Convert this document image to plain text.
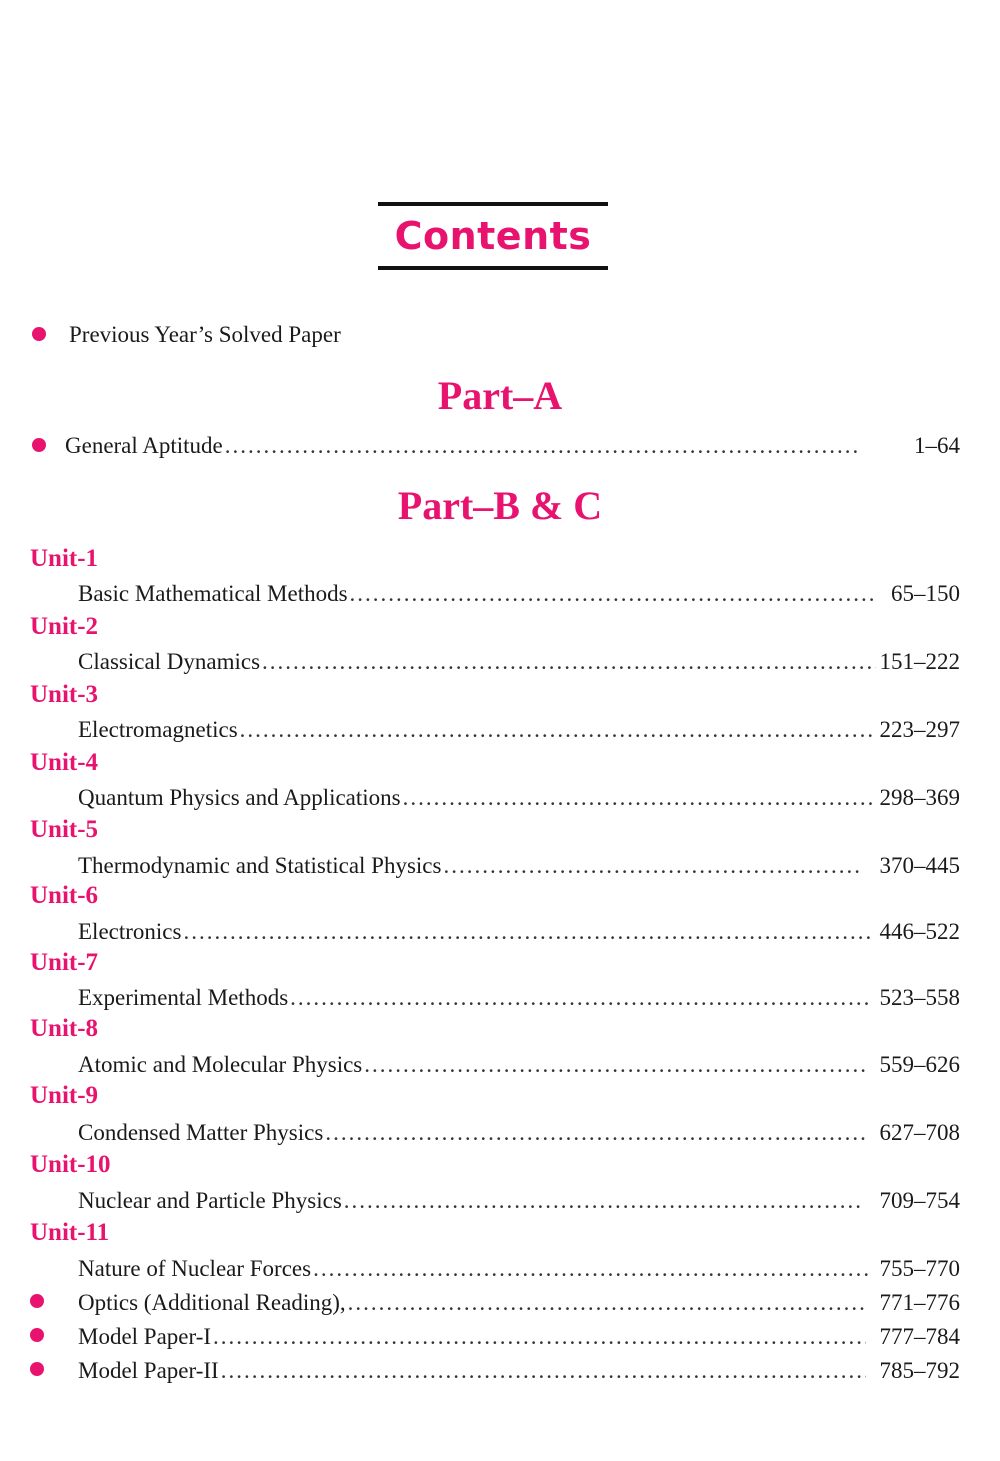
Contents
Previous Year’s Solved Paper
Part–A
General Aptitude .....	1–64
Part–B & C
Unit-1
Basic Mathematical Methods .....	65–150
Unit-2
Classical Dynamics .....	151–222
Unit-3
Electromagnetics .....	223–297
Unit-4
Quantum Physics and Applications .....	298–369
Unit-5
Thermodynamic and Statistical Physics .....	370–445
Unit-6
Electronics .....	446–522
Unit-7
Experimental Methods .....	523–558
Unit-8
Atomic and Molecular Physics .....	559–626
Unit-9
Condensed Matter Physics .....	627–708
Unit-10
Nuclear and Particle Physics .....	709–754
Unit-11
Nature of Nuclear Forces .....	755–770
Optics (Additional Reading), .....	771–776
Model Paper-I .....	777–784
Model Paper-II .....	785–792
